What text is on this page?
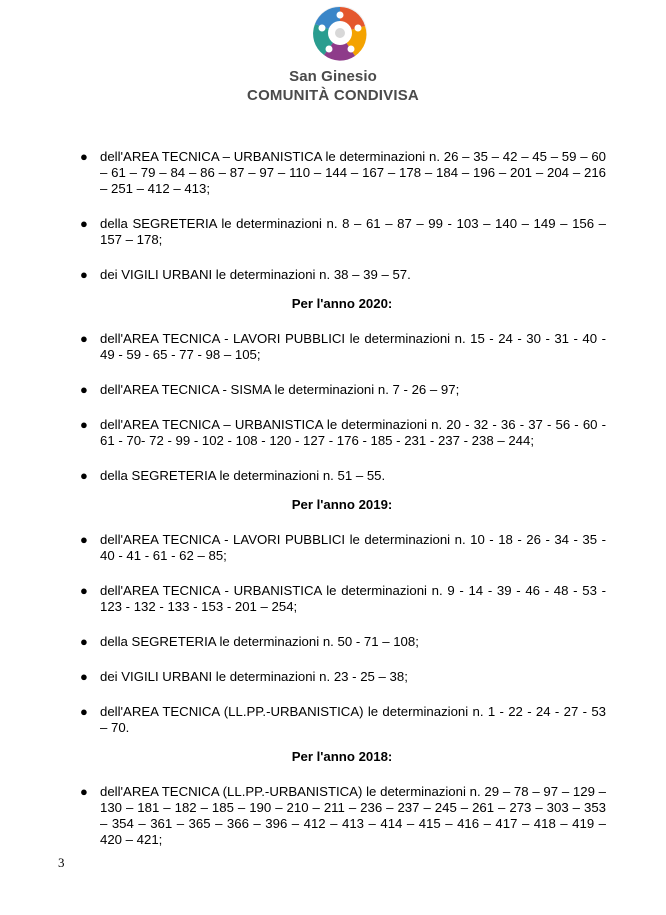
San Ginesio
COMUNITÀ CONDIVISA

● dell'AREA TECNICA – URBANISTICA le determinazioni n. 26 – 35 – 42 – 45 – 59 – 60 – 61 – 79 – 84 – 86 – 87 – 97 – 110 – 144 – 167 – 178 – 184 – 196 – 201 – 204 – 216 – 251 – 412 – 413;

● della SEGRETERIA le determinazioni n. 8 – 61 – 87 – 99 - 103 – 140 – 149 – 156 – 157 – 178;

● dei VIGILI URBANI le determinazioni n. 38 – 39 – 57.

Per l'anno 2020:

● dell'AREA TECNICA - LAVORI PUBBLICI le determinazioni n. 15 - 24 - 30 - 31 - 40 - 49 - 59 - 65 - 77 - 98 – 105;

● dell'AREA TECNICA - SISMA le determinazioni n. 7 - 26 – 97;

● dell'AREA TECNICA – URBANISTICA le determinazioni n. 20 - 32 - 36 - 37 - 56 - 60 - 61 - 70- 72 - 99 - 102 - 108 - 120 - 127 - 176 - 185 - 231 - 237 - 238 – 244;

● della SEGRETERIA le determinazioni n. 51 – 55.

Per l'anno 2019:

● dell'AREA TECNICA - LAVORI PUBBLICI le determinazioni n. 10 - 18 - 26 - 34 - 35 - 40 - 41 - 61 - 62 – 85;

● dell'AREA TECNICA - URBANISTICA le determinazioni n. 9 - 14 - 39 - 46 - 48 - 53 - 123 - 132 - 133 - 153 - 201 – 254;

● della SEGRETERIA le determinazioni n. 50 - 71 – 108;

● dei VIGILI URBANI le determinazioni n. 23 - 25 – 38;

● dell'AREA TECNICA (LL.PP.-URBANISTICA) le determinazioni n. 1 - 22 - 24 - 27 - 53 – 70.

Per l'anno 2018:

● dell'AREA TECNICA (LL.PP.-URBANISTICA) le determinazioni n. 29 – 78 – 97 – 129 – 130 – 181 – 182 – 185 – 190 – 210 – 211 – 236 – 237 – 245 – 261 – 273 – 303 – 353 – 354 – 361 – 365 – 366 – 396 – 412 – 413 – 414 – 415 – 416 – 417 – 418 – 419 – 420 – 421;

3
